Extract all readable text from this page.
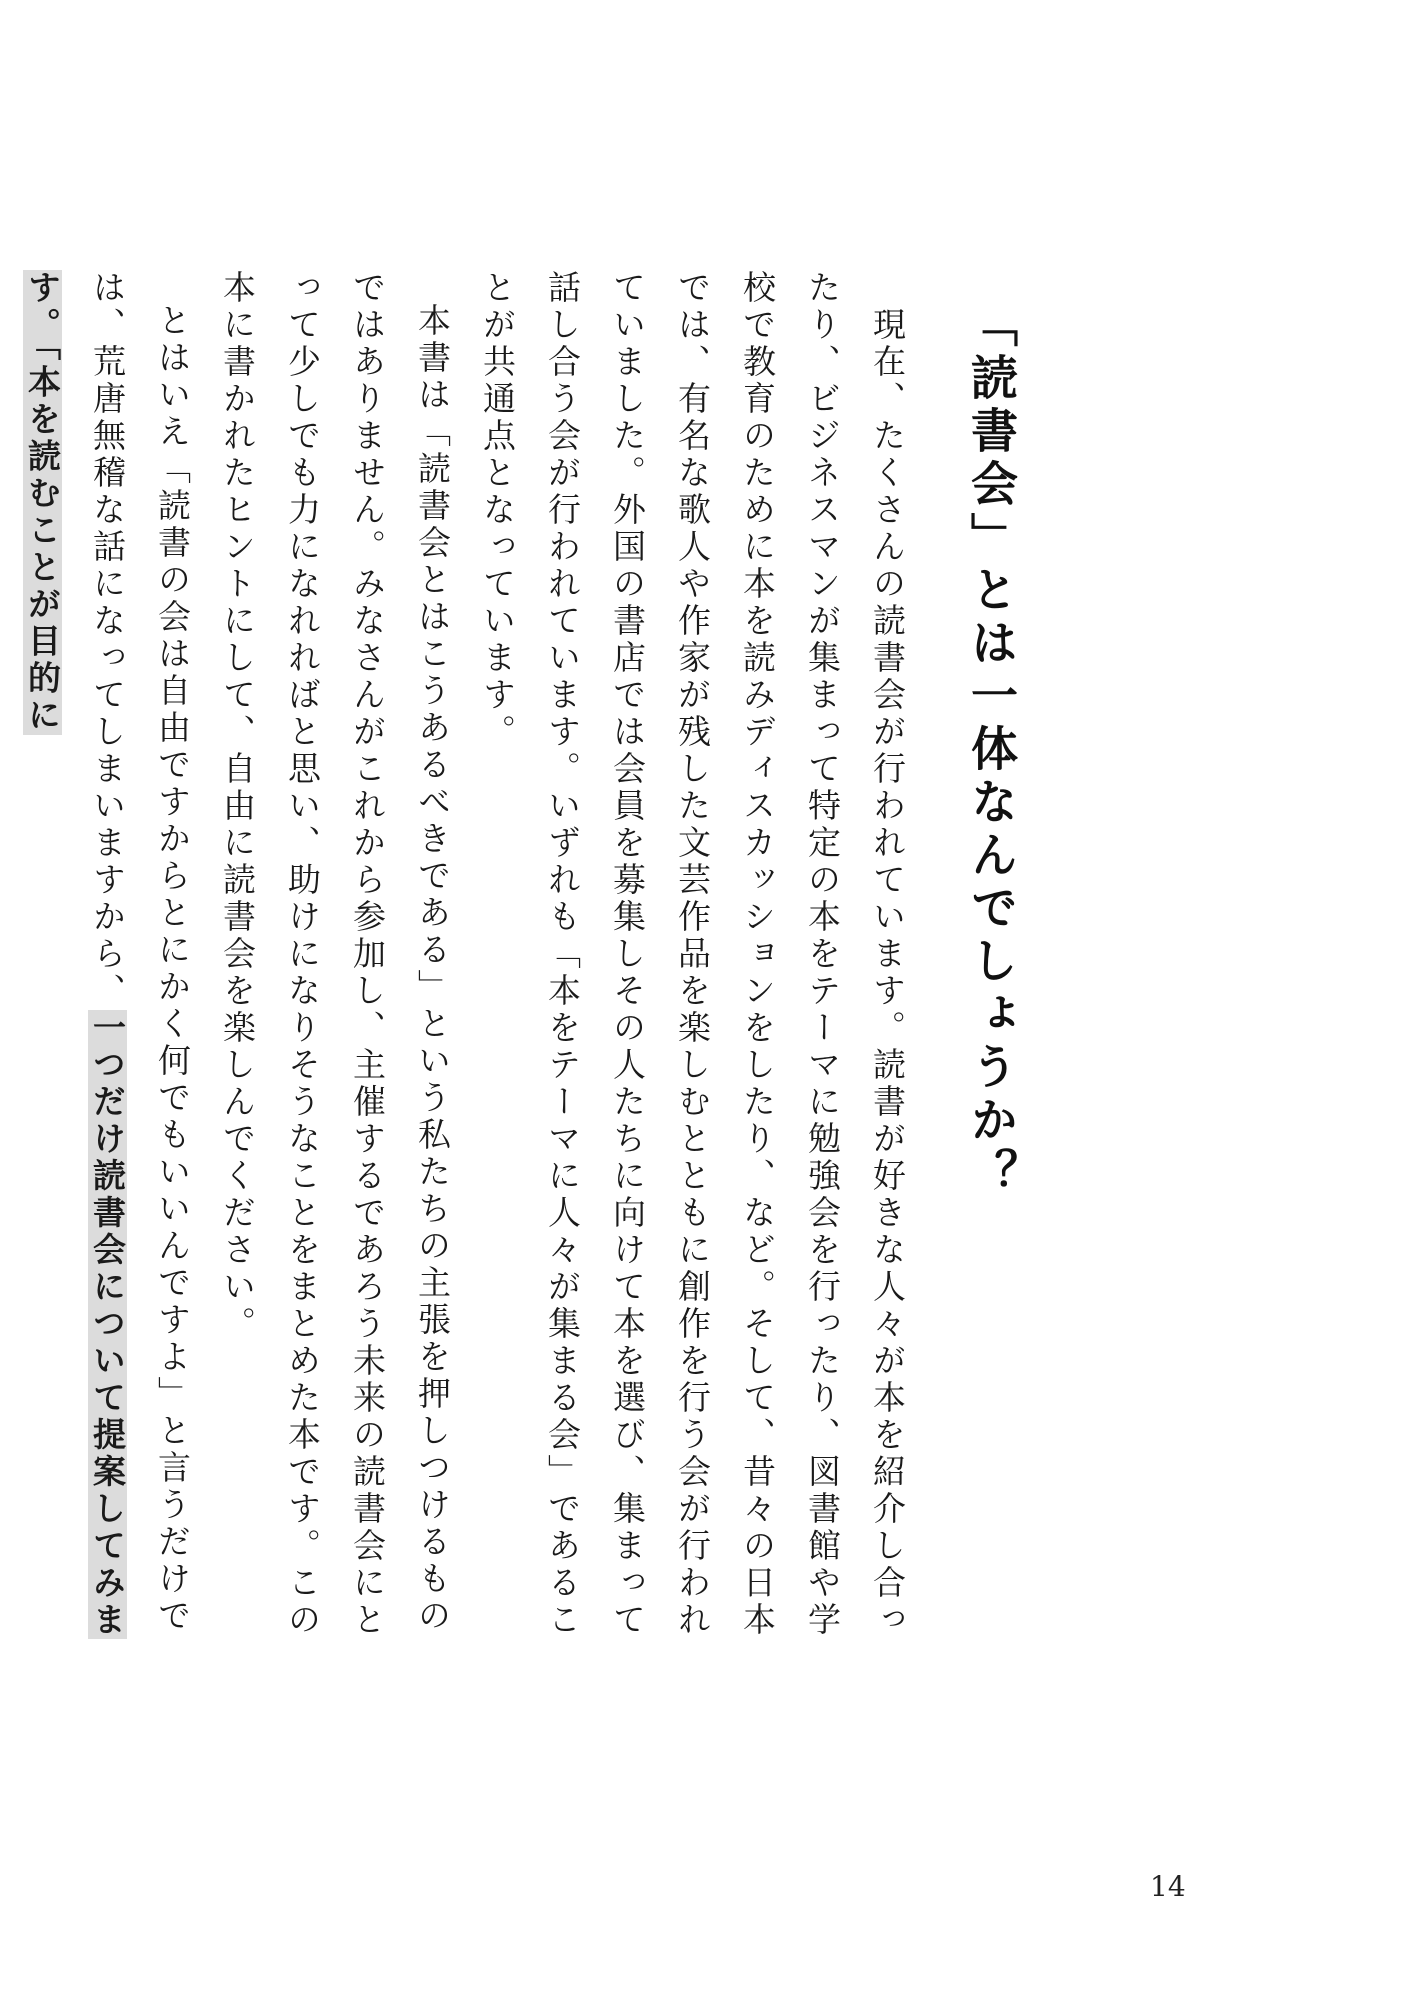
「読書会」とは一体なんでしょうか？

　現在、たくさんの読書会が行われています。読書が好きな人々が本を紹介し合ったり、ビジネスマンが集まって特定の本をテーマに勉強会を行ったり、図書館や学校で教育のために本を読みディスカッションをしたり、など。そして、昔々の日本では、有名な歌人や作家が残した文芸作品を楽しむとともに創作を行う会が行われていました。外国の書店では会員を募集しその人たちに向けて本を選び、集まって話し合う会が行われています。いずれも「本をテーマに人々が集まる会」であることが共通点となっています。

本書は「読書会とはこうあるべきである」という私たちの主張を押しつけるものではありません。みなさんがこれから参加し、主催するであろう未来の読書会にとって少しでも力になれればと思い、助けになりそうなことをまとめた本です。この本に書かれたヒントにして、自由に読書会を楽しんでください。

とはいえ「読書の会は自由ですからとにかく何でもいいんですよ」と言うだけでは、荒唐無稽な話になってしまいますから、一つだけ読書会について提案してみます。「本を読むことが目的に

14
